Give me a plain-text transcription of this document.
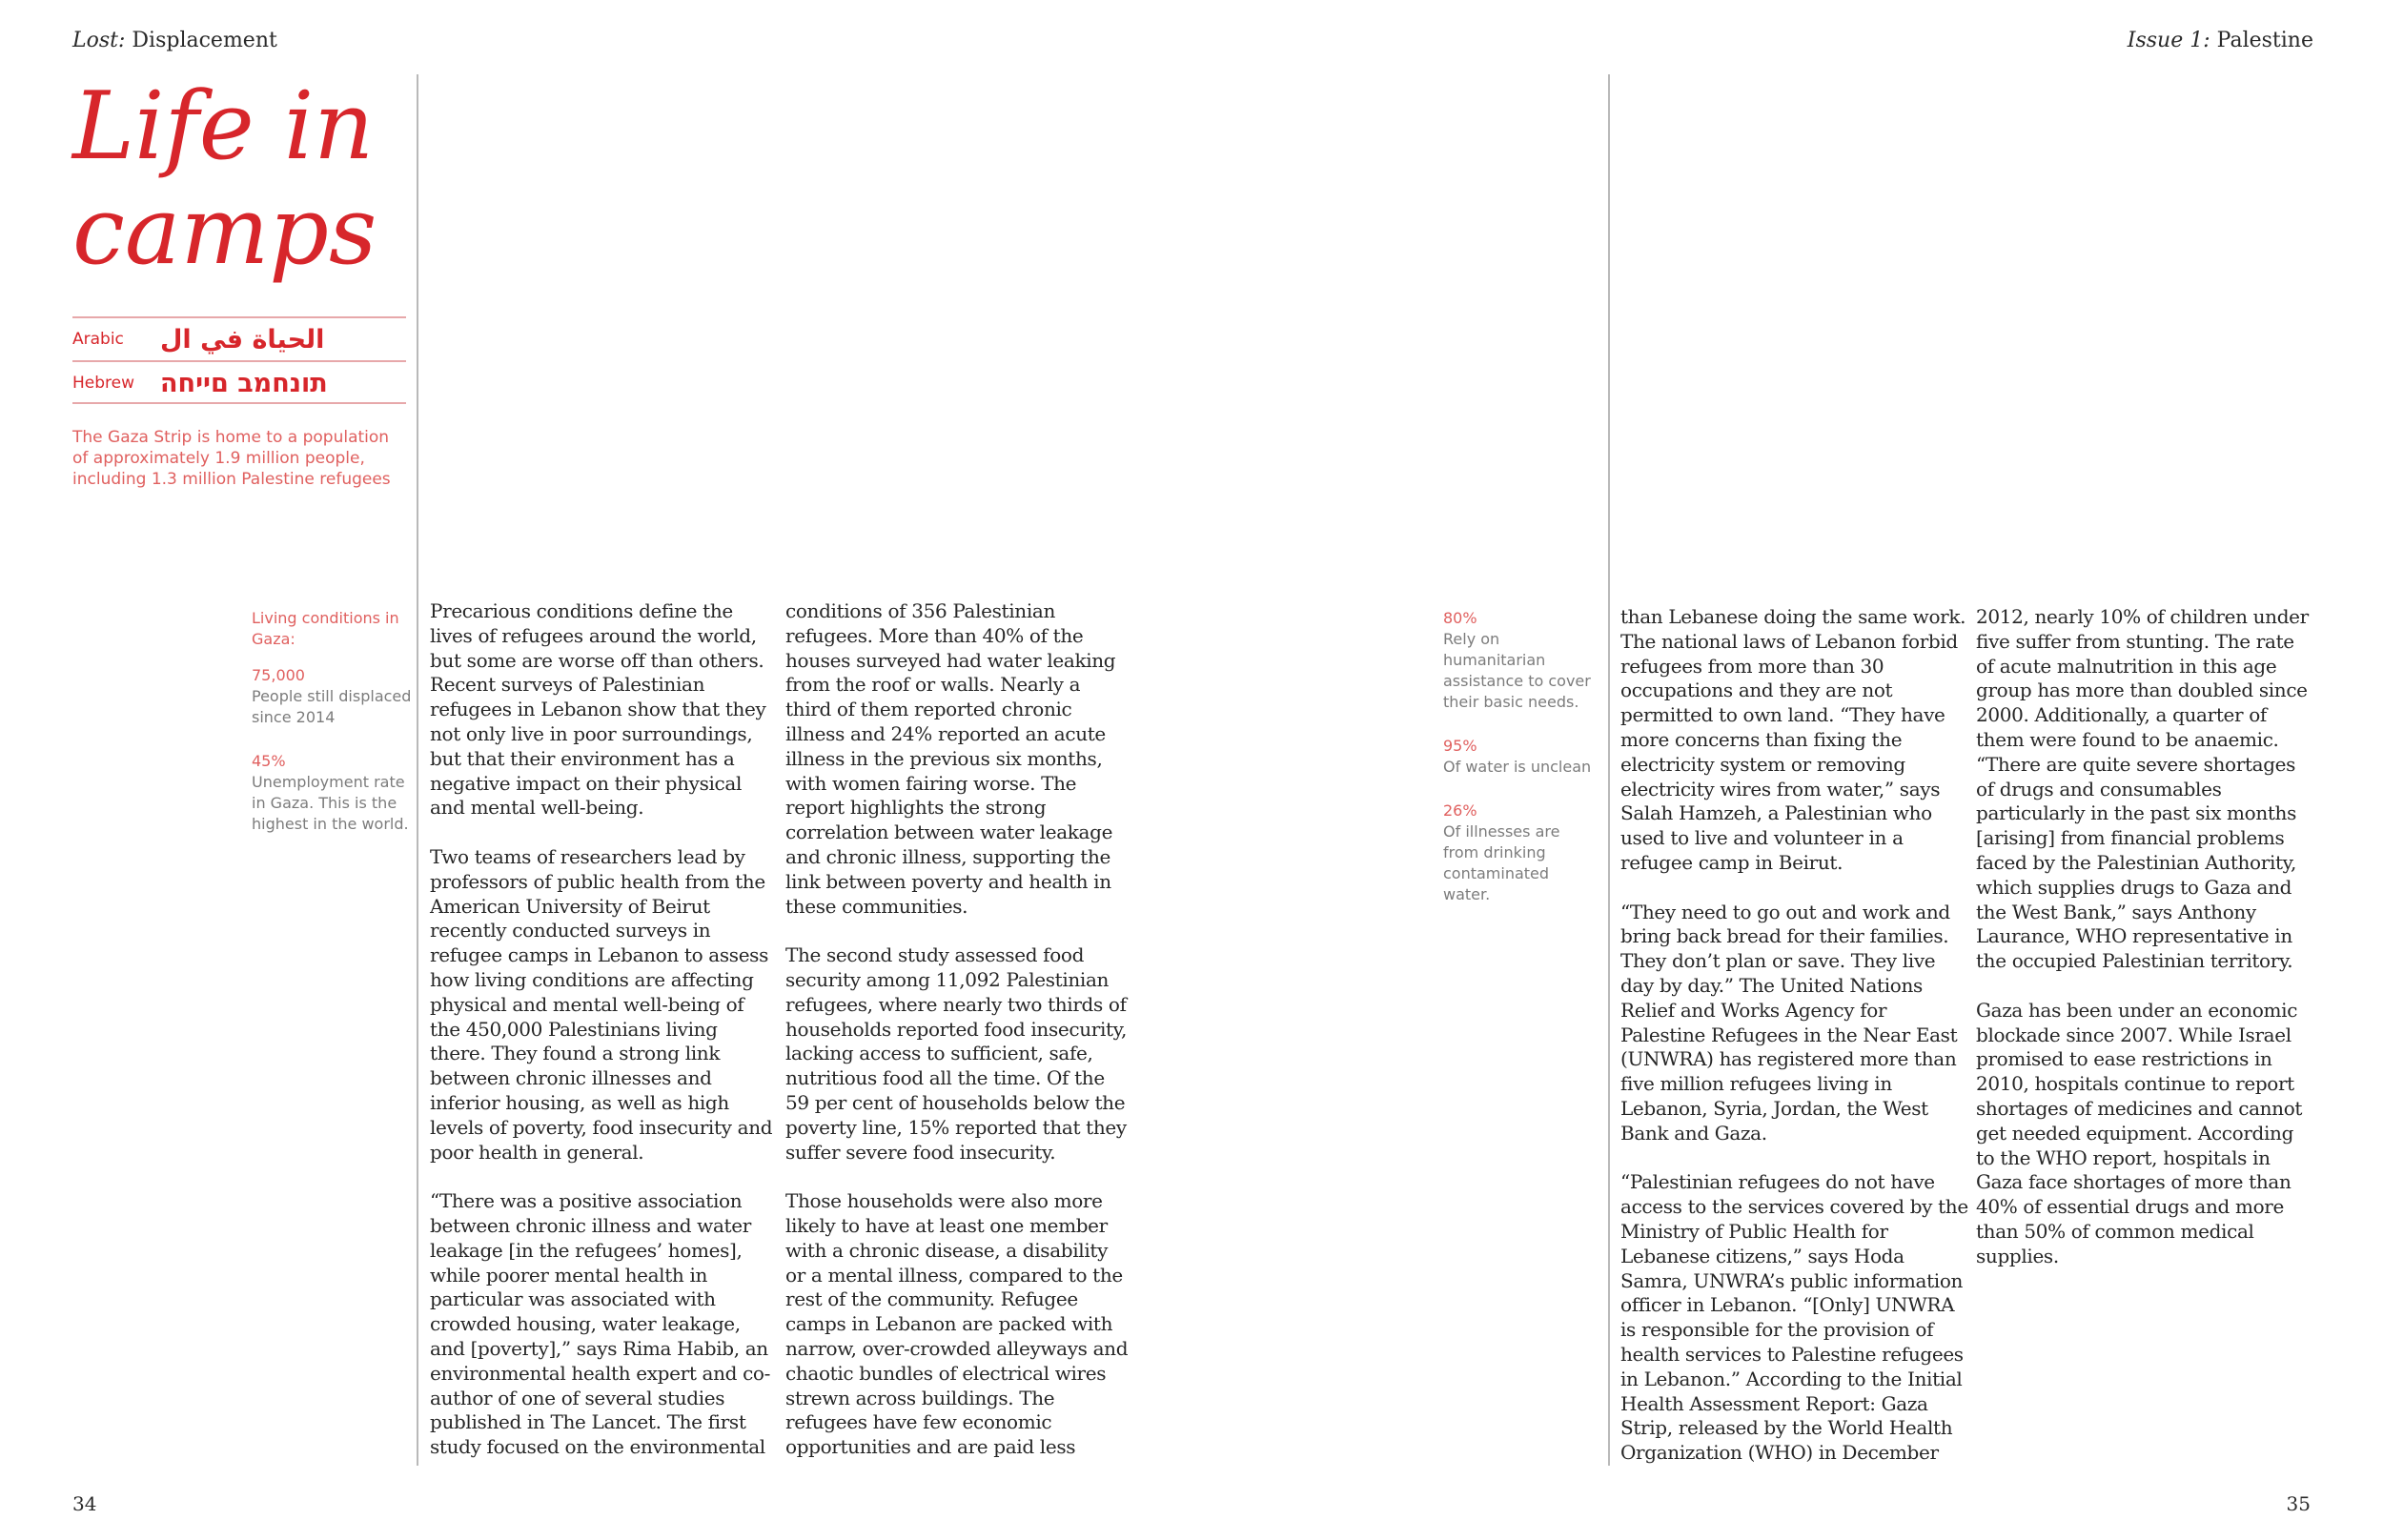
Lost: Displacement	Issue 1: Palestine
Life in
camps
Arabic	الحياة في ال
Hebrew תונחמב םייחה
The Gaza Strip is home to a population of approximately 1.9 million people, including 1.3 million Palestine refugees
Living conditions in Gaza:
75,000
People still displaced since 2014
45%
Unemployment rate in Gaza. This is the highest in the world.
80%
Rely on humanitarian assistance to cover their basic needs.
95%
Of water is unclean
26%
Of illnesses are from drinking contaminated water.

Precarious conditions define the lives of refugees around the world, but some are worse off than others. Recent surveys of Palestinian refugees in Lebanon show that they not only live in poor surroundings, but that their environment has a negative impact on their physical and mental well-being.

Two teams of researchers lead by professors of public health from the American University of Beirut recently conducted surveys in refugee camps in Lebanon to assess how living conditions are affecting physical and mental well-being of the 450,000 Palestinians living there. They found a strong link between chronic illnesses and inferior housing, as well as high levels of poverty, food insecurity and poor health in general.

“There was a positive association between chronic illness and water leakage [in the refugees’ homes], while poorer mental health in particular was associated with crowded housing, water leakage, and [poverty],” says Rima Habib, an environmental health expert and co-author of one of several studies published in The Lancet. The first study focused on the environmental

conditions of 356 Palestinian refugees. More than 40% of the houses surveyed had water leaking from the roof or walls. Nearly a third of them reported chronic illness and 24% reported an acute illness in the previous six months, with women fairing worse. The report highlights the strong correlation between water leakage and chronic illness, supporting the link between poverty and health in these communities.

The second study assessed food security among 11,092 Palestinian refugees, where nearly two thirds of households reported food insecurity, lacking access to sufficient, safe, nutritious food all the time. Of the 59 per cent of households below the poverty line, 15% reported that they suffer severe food insecurity.

Those households were also more likely to have at least one member with a chronic disease, a disability or a mental illness, compared to the rest of the community. Refugee camps in Lebanon are packed with narrow, over-crowded alleyways and chaotic bundles of electrical wires strewn across buildings. The refugees have few economic opportunities and are paid less

than Lebanese doing the same work. The national laws of Lebanon forbid refugees from more than 30 occupations and they are not permitted to own land. “They have more concerns than fixing the electricity system or removing electricity wires from water,” says Salah Hamzeh, a Palestinian who used to live and volunteer in a refugee camp in Beirut.

“They need to go out and work and bring back bread for their families. They don’t plan or save. They live day by day.” The United Nations Relief and Works Agency for Palestine Refugees in the Near East (UNWRA) has registered more than five million refugees living in Lebanon, Syria, Jordan, the West Bank and Gaza.

“Palestinian refugees do not have access to the services covered by the Ministry of Public Health for Lebanese citizens,” says Hoda Samra, UNWRA’s public information officer in Lebanon. “[Only] UNWRA is responsible for the provision of health services to Palestine refugees in Lebanon.” According to the Initial Health Assessment Report: Gaza Strip, released by the World Health Organization (WHO) in December

2012, nearly 10% of children under five suffer from stunting. The rate of acute malnutrition in this age group has more than doubled since 2000. Additionally, a quarter of them were found to be anaemic. “There are quite severe shortages of drugs and consumables particularly in the past six months [arising] from financial problems faced by the Palestinian Authority, which supplies drugs to Gaza and the West Bank,” says Anthony Laurance, WHO representative in the occupied Palestinian territory.

Gaza has been under an economic blockade since 2007. While Israel promised to ease restrictions in 2010, hospitals continue to report shortages of medicines and cannot get needed equipment. According to the WHO report, hospitals in Gaza face shortages of more than 40% of essential drugs and more than 50% of common medical supplies.

34	35
